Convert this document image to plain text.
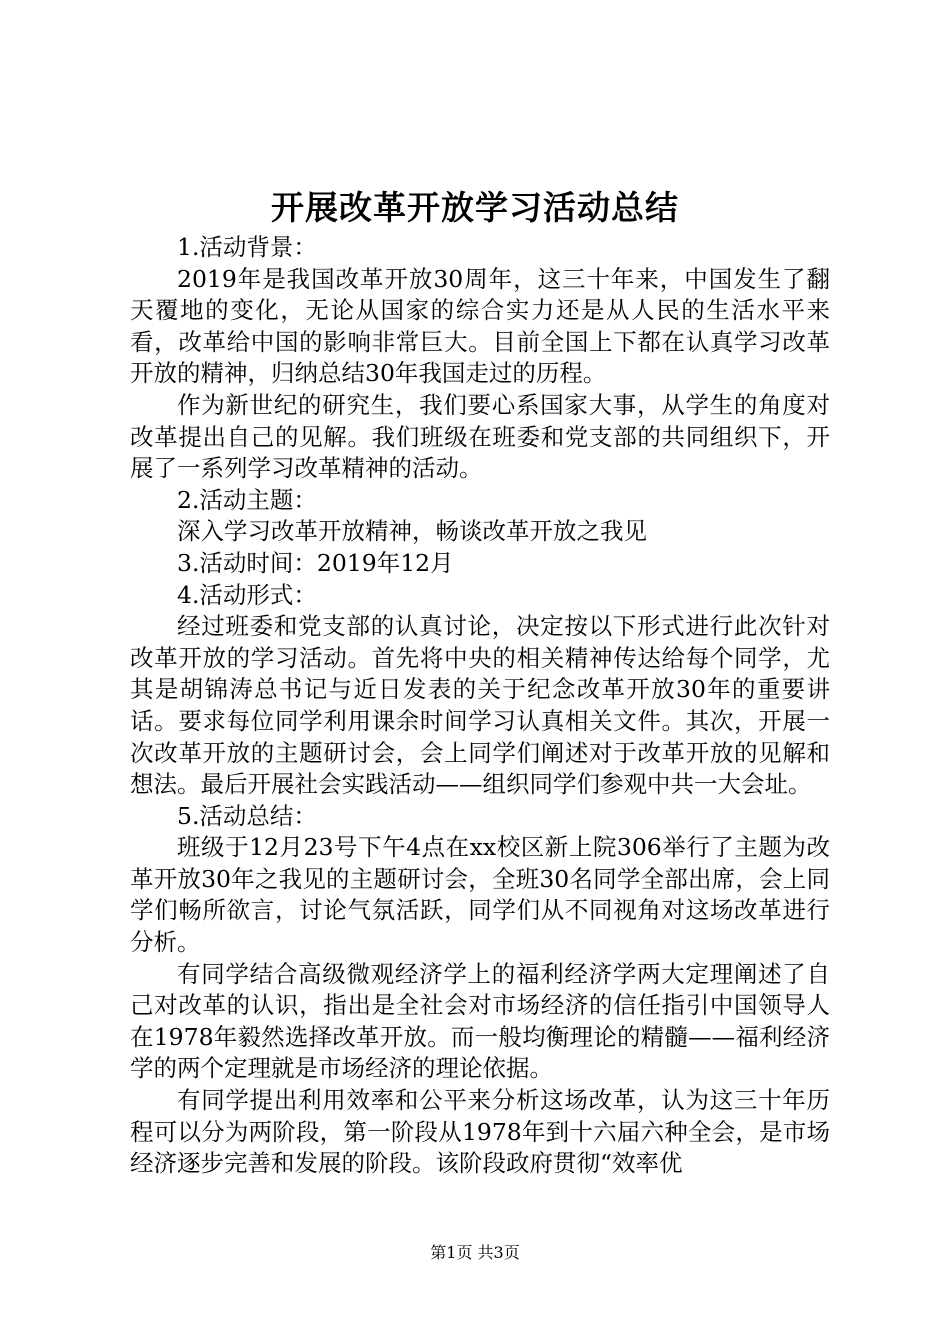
开展改革开放学习活动总结

1.活动背景：

2019年是我国改革开放30周年，这三十年来，中国发生了翻天覆地的变化，无论从国家的综合实力还是从人民的生活水平来看，改革给中国的影响非常巨大。目前全国上下都在认真学习改革开放的精神，归纳总结30年我国走过的历程。

作为新世纪的研究生，我们要心系国家大事，从学生的角度对改革提出自己的见解。我们班级在班委和党支部的共同组织下，开展了一系列学习改革精神的活动。

2.活动主题：

深入学习改革开放精神，畅谈改革开放之我见

3.活动时间：2019年12月

4.活动形式：

经过班委和党支部的认真讨论，决定按以下形式进行此次针对改革开放的学习活动。首先将中央的相关精神传达给每个同学，尤其是胡锦涛总书记与近日发表的关于纪念改革开放30年的重要讲话。要求每位同学利用课余时间学习认真相关文件。其次，开展一次改革开放的主题研讨会，会上同学们阐述对于改革开放的见解和想法。最后开展社会实践活动——组织同学们参观中共一大会址。

5.活动总结：

班级于12月23号下午4点在xx校区新上院306举行了主题为改革开放30年之我见的主题研讨会，全班30名同学全部出席，会上同学们畅所欲言，讨论气氛活跃，同学们从不同视角对这场改革进行分析。

有同学结合高级微观经济学上的福利经济学两大定理阐述了自己对改革的认识，指出是全社会对市场经济的信任指引中国领导人在1978年毅然选择改革开放。而一般均衡理论的精髓——福利经济学的两个定理就是市场经济的理论依据。

有同学提出利用效率和公平来分析这场改革，认为这三十年历程可以分为两阶段，第一阶段从1978年到十六届六种全会，是市场经济逐步完善和发展的阶段。该阶段政府贯彻“效率优

第1页 共3页
